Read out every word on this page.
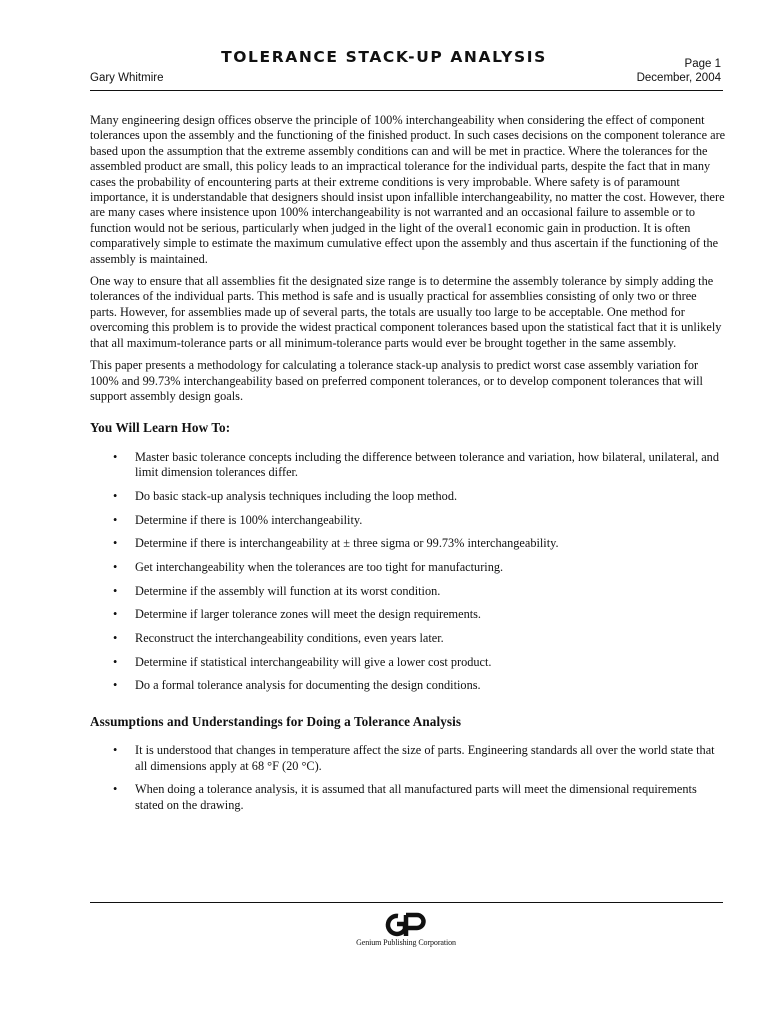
TOLERANCE STACK-UP ANALYSIS	Page 1
Gary Whitmire	December, 2004

Many engineering design offices observe the principle of 100% interchangeability when considering the effect of component tolerances upon the assembly and the functioning of the finished product. In such cases decisions on the component tolerance are based upon the assumption that the extreme assembly conditions can and will be met in practice. Where the tolerances for the assembled product are small, this policy leads to an impractical tolerance for the individual parts, despite the fact that in many cases the probability of encountering parts at their extreme conditions is very improbable. Where safety is of paramount importance, it is understandable that designers should insist upon infallible interchangeability, no matter the cost. However, there are many cases where insistence upon 100% interchangeability is not warranted and an occasional failure to assemble or to function would not be serious, particularly when judged in the light of the overal1 economic gain in production. It is often comparatively simple to estimate the maximum cumulative effect upon the assembly and thus ascertain if the functioning of the assembly is maintained.

One way to ensure that all assemblies fit the designated size range is to determine the assembly tolerance by simply adding the tolerances of the individual parts. This method is safe and is usually practical for assemblies consisting of only two or three parts. However, for assemblies made up of several parts, the totals are usually too large to be acceptable. One method for overcoming this problem is to provide the widest practical component tolerances based upon the statistical fact that it is unlikely that all maximum-tolerance parts or all minimum-tolerance parts would ever be brought together in the same assembly.

This paper presents a methodology for calculating a tolerance stack-up analysis to predict worst case assembly variation for 100% and 99.73% interchangeability based on preferred component tolerances, or to develop component tolerances that will support assembly design goals.

You Will Learn How To:
• Master basic tolerance concepts including the difference between tolerance and variation, how bilateral, unilateral, and limit dimension tolerances differ.
• Do basic stack-up analysis techniques including the loop method.
• Determine if there is 100% interchangeability.
• Determine if there is interchangeability at ± three sigma or 99.73% interchangeability.
• Get interchangeability when the tolerances are too tight for manufacturing.
• Determine if the assembly will function at its worst condition.
• Determine if larger tolerance zones will meet the design requirements.
• Reconstruct the interchangeability conditions, even years later.
• Determine if statistical interchangeability will give a lower cost product.
• Do a formal tolerance analysis for documenting the design conditions.
Assumptions and Understandings for Doing a Tolerance Analysis
• It is understood that changes in temperature affect the size of parts. Engineering standards all over the world state that all dimensions apply at 68 °F (20 °C).
• When doing a tolerance analysis, it is assumed that all manufactured parts will meet the dimensional requirements stated on the drawing.
Genium Publishing Corporation
